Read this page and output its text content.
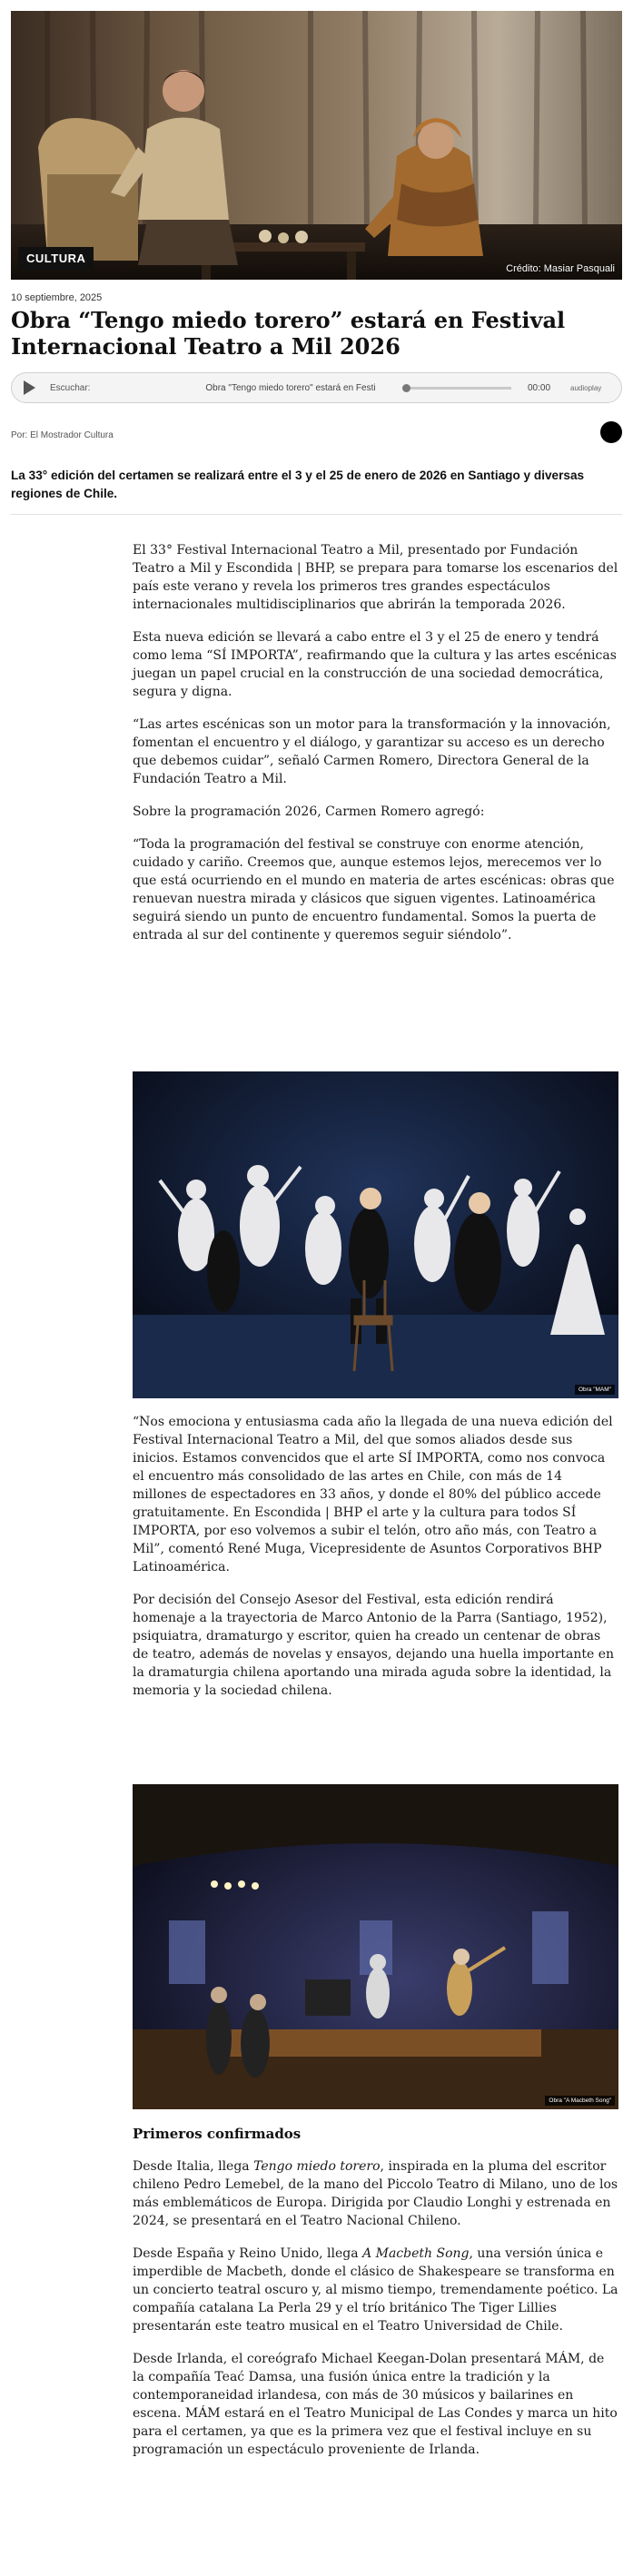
CULTURA
Crédito: Masiar Pasquali
10 septiembre, 2025
Obra “Tengo miedo torero” estará en Festival Internacional Teatro a Mil 2026
Escuchar:	Obra "Tengo miedo torero" estará en Festi	00:00	audioplay
Por: El Mostrador Cultura
La 33° edición del certamen se realizará entre el 3 y el 25 de enero de 2026 en Santiago y diversas regiones de Chile.

El 33° Festival Internacional Teatro a Mil, presentado por Fundación Teatro a Mil y Escondida | BHP, se prepara para tomarse los escenarios del país este verano y revela los primeros tres grandes espectáculos internacionales multidisciplinarios que abrirán la temporada 2026.

Esta nueva edición se llevará a cabo entre el 3 y el 25 de enero y tendrá como lema “SÍ IMPORTA”, reafirmando que la cultura y las artes escénicas juegan un papel crucial en la construcción de una sociedad democrática, segura y digna.

“Las artes escénicas son un motor para la transformación y la innovación, fomentan el encuentro y el diálogo, y garantizar su acceso es un derecho que debemos cuidar”, señaló Carmen Romero, Directora General de la Fundación Teatro a Mil.

Sobre la programación 2026, Carmen Romero agregó:

“Toda la programación del festival se construye con enorme atención, cuidado y cariño. Creemos que, aunque estemos lejos, merecemos ver lo que está ocurriendo en el mundo en materia de artes escénicas: obras que renuevan nuestra mirada y clásicos que siguen vigentes. Latinoamérica seguirá siendo un punto de encuentro fundamental. Somos la puerta de entrada al sur del continente y queremos seguir siéndolo”.

Obra "MAM"

“Nos emociona y entusiasma cada año la llegada de una nueva edición del Festival Internacional Teatro a Mil, del que somos aliados desde sus inicios. Estamos convencidos que el arte SÍ IMPORTA, como nos convoca el encuentro más consolidado de las artes en Chile, con más de 14 millones de espectadores en 33 años, y donde el 80% del público accede gratuitamente. En Escondida | BHP el arte y la cultura para todos SÍ IMPORTA, por eso volvemos a subir el telón, otro año más, con Teatro a Mil”, comentó René Muga, Vicepresidente de Asuntos Corporativos BHP Latinoamérica.

Por decisión del Consejo Asesor del Festival, esta edición rendirá homenaje a la trayectoria de Marco Antonio de la Parra (Santiago, 1952), psiquiatra, dramaturgo y escritor, quien ha creado un centenar de obras de teatro, además de novelas y ensayos, dejando una huella importante en la dramaturgia chilena aportando una mirada aguda sobre la identidad, la memoria y la sociedad chilena.

Obra "A Macbeth Song"

Primeros confirmados

Desde Italia, llega Tengo miedo torero, inspirada en la pluma del escritor chileno Pedro Lemebel, de la mano del Piccolo Teatro di Milano, uno de los más emblemáticos de Europa. Dirigida por Claudio Longhi y estrenada en 2024, se presentará en el Teatro Nacional Chileno.

Desde España y Reino Unido, llega A Macbeth Song, una versión única e imperdible de Macbeth, donde el clásico de Shakespeare se transforma en un concierto teatral oscuro y, al mismo tiempo, tremendamente poético. La compañía catalana La Perla 29 y el trío británico The Tiger Lillies presentarán este teatro musical en el Teatro Universidad de Chile.

Desde Irlanda, el coreógrafo Michael Keegan-Dolan presentará MÁM, de la compañía Teać Damsa, una fusión única entre la tradición y la contemporaneidad irlandesa, con más de 30 músicos y bailarines en escena. MÁM estará en el Teatro Municipal de Las Condes y marca un hito para el certamen, ya que es la primera vez que el festival incluye en su programación un espectáculo proveniente de Irlanda.
